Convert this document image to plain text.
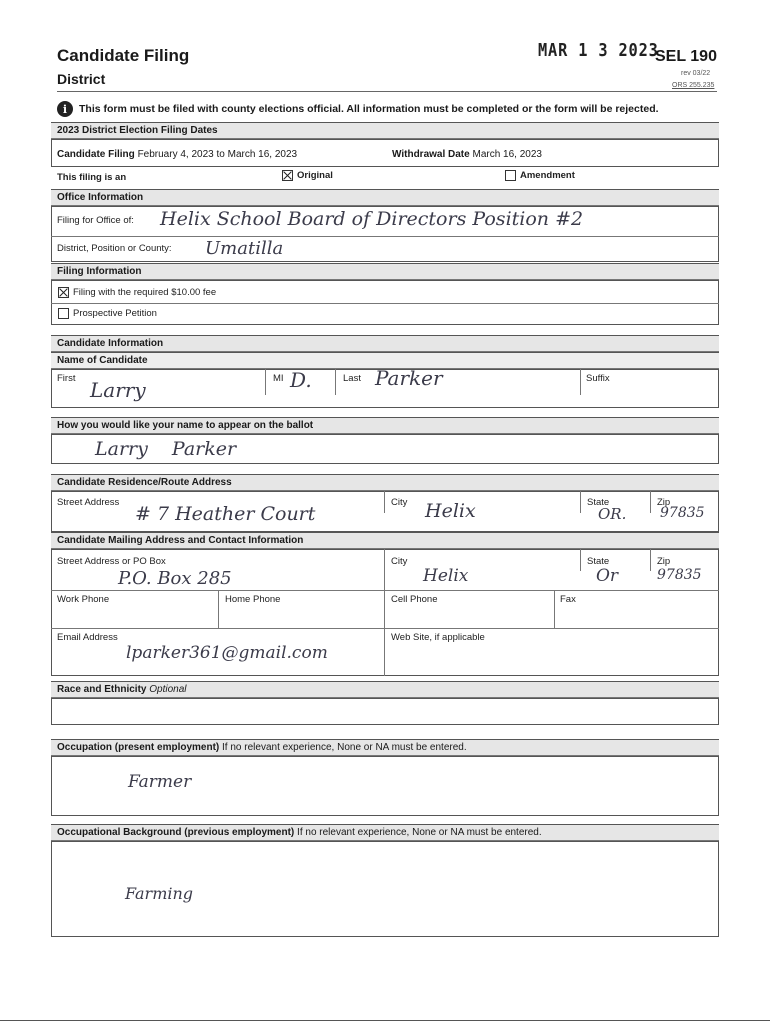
Candidate Filing
District
MAR 1 3 2023
SEL 190
rev 03/22
ORS 255.235
i	This form must be filed with county elections official. All information must be completed or the form will be rejected.
2023 District Election Filing Dates
Candidate Filing February 4, 2023 to March 16, 2023	Withdrawal Date March 16, 2023
This filing is an	Original	Amendment
Office Information
Filing for Office of: Helix School Board of Directors Position #2
District, Position or County: Umatilla
Filing Information
Filing with the required $10.00 fee
Prospective Petition
Candidate Information
Name of Candidate
First Larry	MI D.	Last Parker	Suffix
How you would like your name to appear on the ballot
Larry Parker
Candidate Residence/Route Address
Street Address
# 7 Heather Court
City Helix	State
OR.
Zip
97835
Candidate Mailing Address and Contact Information
Street Address or PO Box
P.O. Box 285
City
Helix
State
Or
Zip
97835
Work Phone	Home Phone	Cell Phone	Fax
Email Address
lparker361@gmail.com
Web Site, if applicable
Race and Ethnicity Optional
Occupation (present employment) If no relevant experience, None or NA must be entered.
Farmer
Occupational Background (previous employment) If no relevant experience, None or NA must be entered.
Farming
